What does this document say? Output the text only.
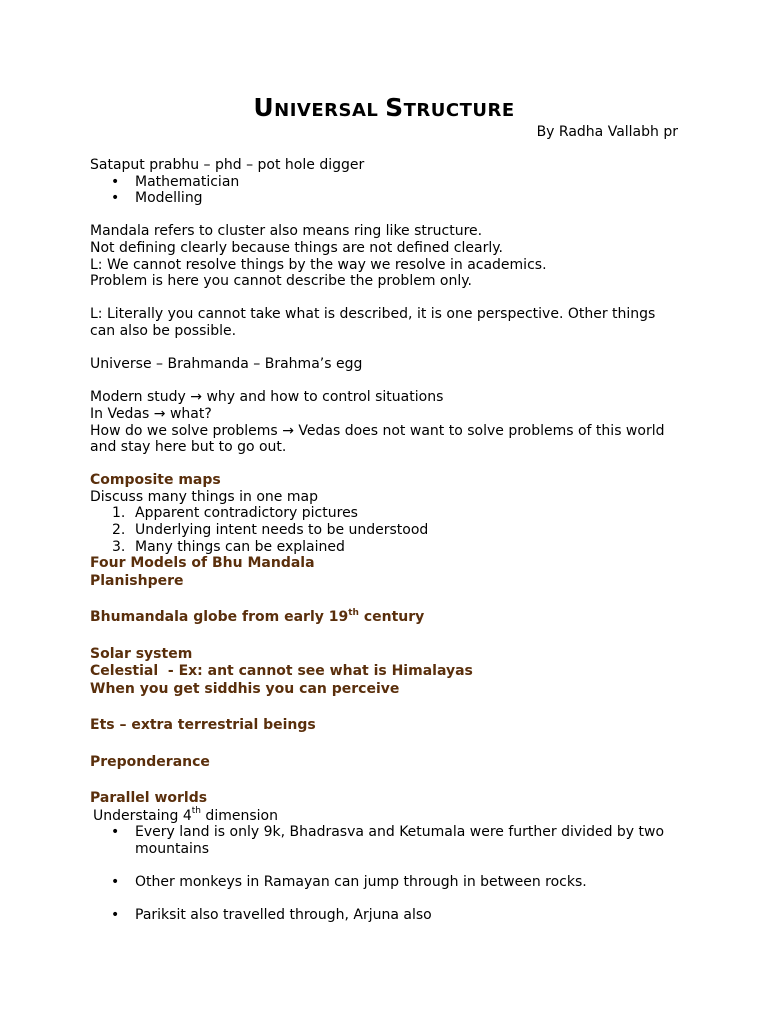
UNIVERSAL STRUCTURE
By Radha Vallabh pr

Sataput prabhu – phd – pot hole digger

• Mathematician
• Modelling

Mandala refers to cluster also means ring like structure.

Not defining clearly because things are not defined clearly.

L: We cannot resolve things by the way we resolve in academics.

Problem is here you cannot describe the problem only.

L: Literally you cannot take what is described, it is one perspective. Other things can also be possible.

Universe – Brahmanda – Brahma’s egg

Modern study → why and how to control situations

In Vedas → what?

How do we solve problems → Vedas does not want to solve problems of this world and stay here but to go out.

Composite maps

Discuss many things in one map

1. Apparent contradictory pictures
2. Underlying intent needs to be understood
3. Many things can be explained

Four Models of Bhu Mandala

Planishpere

Bhumandala globe from early 19th century

Solar system

Celestial  - Ex: ant cannot see what is Himalayas

When you get siddhis you can perceive

Ets – extra terrestrial beings

Preponderance

Parallel worlds

Understaing 4th dimension

• Every land is only 9k, Bhadrasva and Ketumala were further divided by two mountains
• Other monkeys in Ramayan can jump through in between rocks.
• Pariksit also travelled through, Arjuna also
